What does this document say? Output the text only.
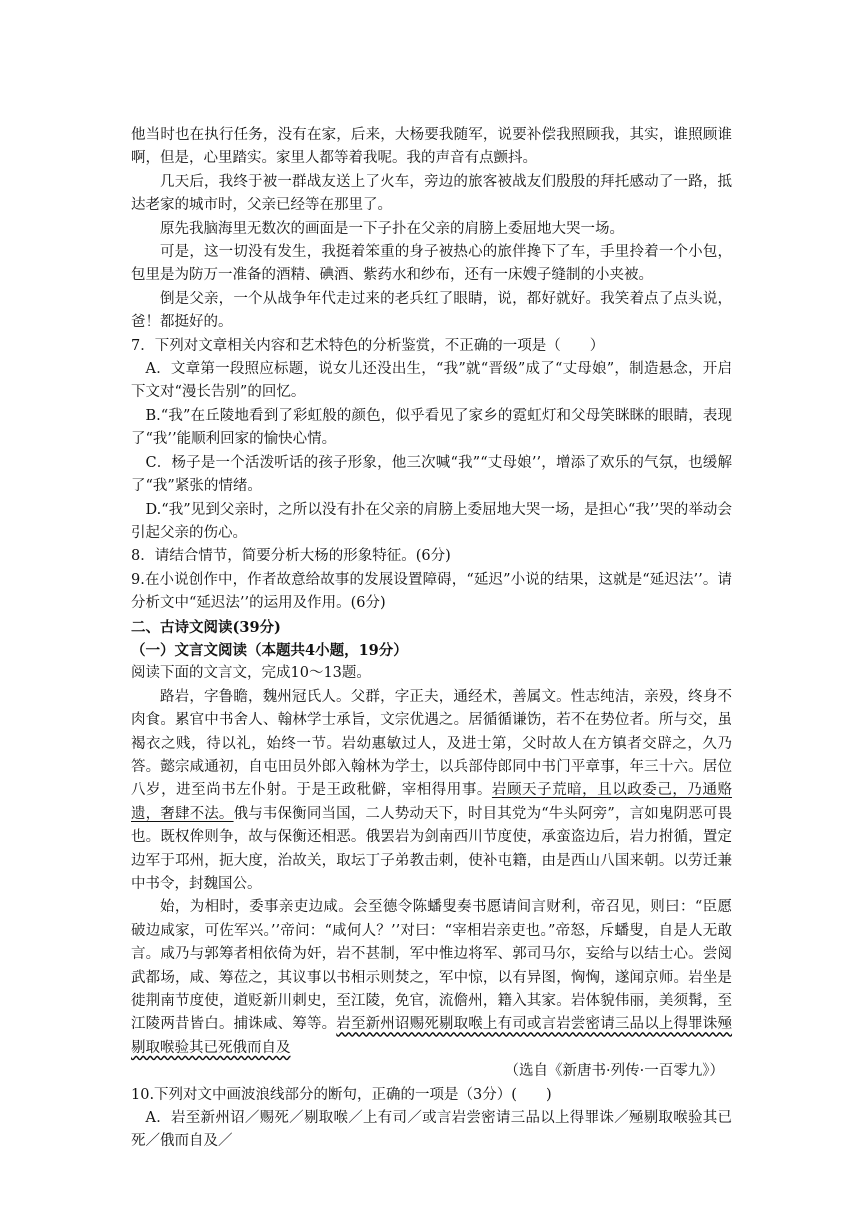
他当时也在执行任务，没有在家，后来，大杨要我随军，说要补偿我照顾我，其实，谁照顾谁啊，但是，心里踏实。家里人都等着我呢。我的声音有点颤抖。

几天后，我终于被一群战友送上了火车，旁边的旅客被战友们殷殷的拜托感动了一路，抵达老家的城市时，父亲已经等在那里了。

原先我脑海里无数次的画面是一下子扑在父亲的肩膀上委屈地大哭一场。

可是，这一切没有发生，我挺着笨重的身子被热心的旅伴搀下了车，手里拎着一个小包，包里是为防万一准备的酒精、碘酒、紫药水和纱布，还有一床嫂子缝制的小夹被。

倒是父亲，一个从战争年代走过来的老兵红了眼睛，说，都好就好。我笑着点了点头说，爸！都挺好的。

7．下列对文章相关内容和艺术特色的分析鉴赏，不正确的一项是（　　）

A．文章第一段照应标题，说女儿还没出生，“我”就“晋级”成了“丈母娘”，制造悬念，开启下文对“漫长告别”的回忆。

B.“我”在丘陵地看到了彩虹般的颜色，似乎看见了家乡的霓虹灯和父母笑眯眯的眼睛，表现了“我’’能顺利回家的愉快心情。

C．杨子是一个活泼听话的孩子形象，他三次喊“我”“丈母娘’’，增添了欢乐的气氛，也缓解了“我”紧张的情绪。

D.“我”见到父亲时，之所以没有扑在父亲的肩膀上委屈地大哭一场，是担心“我’’哭的举动会引起父亲的伤心。

8．请结合情节，简要分析大杨的形象特征。(6分)

9.在小说创作中，作者故意给故事的发展设置障碍，“延迟”小说的结果，这就是“延迟法’’。请分析文中“延迟法’’的运用及作用。(6分)

二、古诗文阅读(39分)

（一）文言文阅读（本题共4小题，19分）

阅读下面的文言文，完成10～13题。

路岩，字鲁瞻，魏州冠氏人。父群，字正夫，通经术，善属文。性志纯洁，亲殁，终身不肉食。累官中书舍人、翰林学士承旨，文宗优遇之。居循循谦饬，若不在势位者。所与交，虽褐衣之贱，待以礼，始终一节。岩幼惠敏过人，及进士第，父时故人在方镇者交辟之，久乃答。懿宗咸通初，自屯田员外郎入翰林为学士，以兵部侍郎同中书门平章事，年三十六。居位八岁，进至尚书左仆射。于是王政秕僻，宰相得用事。岩顾天子荒暗，且以政委己，乃通赂遗，奢肆不法。俄与韦保衡同当国，二人势动天下，时目其党为“牛头阿旁”，言如鬼阴恶可畏也。既权侔则争，故与保衡还相恶。俄罢岩为剑南西川节度使，承蛮盗边后，岩力拊循，置定边军于邛州，扼大度，治故关，取坛丁子弟教击刺，使补屯籍，由是西山八国来朝。以劳迁兼中书令，封魏国公。

始，为相时，委事亲吏边咸。会至德令陈蟠叟奏书愿请间言财利，帝召见，则曰：“臣愿破边咸家，可佐军兴。’’帝问：“咸何人？’’对曰：“宰相岩亲吏也。”帝怒，斥蟠叟，自是人无敢言。咸乃与郭筹者相依倚为奸，岩不甚制，军中惟边将军、郭司马尔，妄给与以结士心。尝阅武都场，咸、筹莅之，其议事以书相示则焚之，军中惊，以有异图，恟恟，遂闻京师。岩坐是徙荆南节度使，道贬新川刺史，至江陵，免官，流儋州，籍入其家。岩体貌伟丽，美须髯，至江陵两昔皆白。捕诛咸、筹等。岩至新州诏赐死剔取喉上有司或言岩尝密请三品以上得罪诛殛剔取喉验其已死俄而自及

（选自《新唐书·列传·一百零九》）

10.下列对文中画波浪线部分的断句，正确的一项是（3分）(　　)

A．岩至新州诏／赐死／剔取喉／上有司／或言岩尝密请三品以上得罪诛／殛剔取喉验其已死／俄而自及／
